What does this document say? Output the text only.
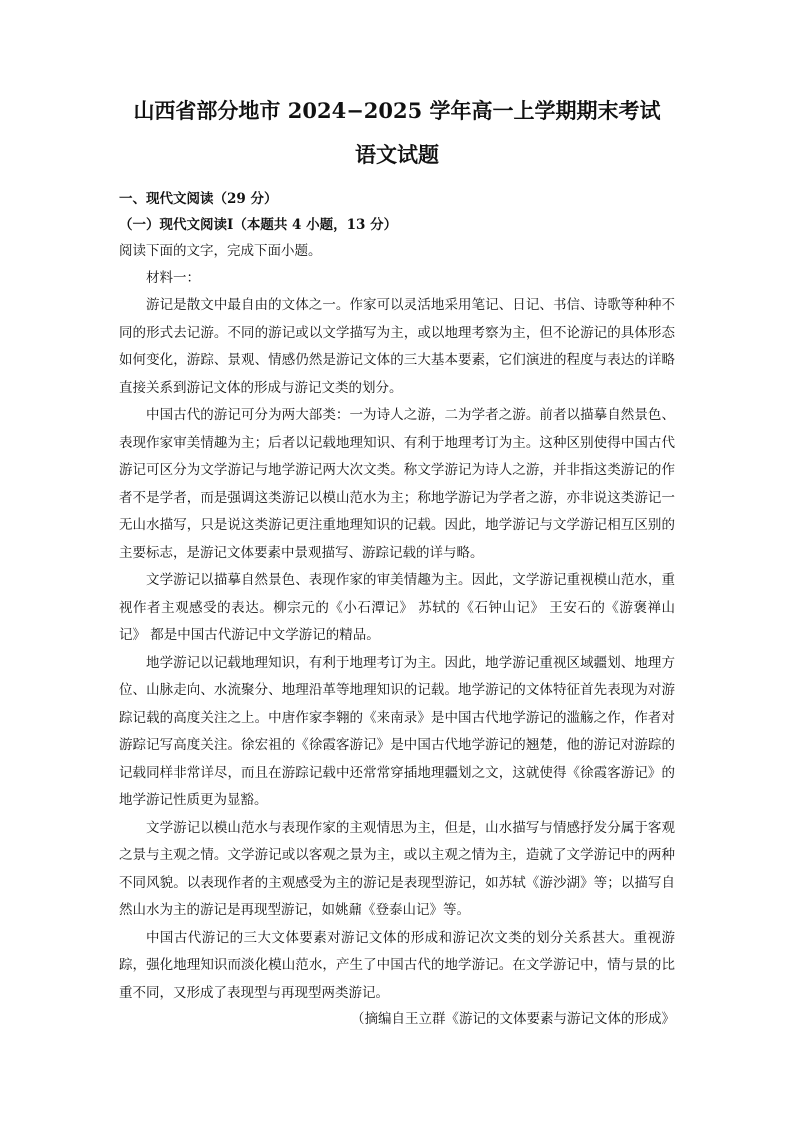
山西省部分地市 2024−2025 学年高一上学期期末考试
语文试题

一、现代文阅读（29 分）

（一）现代文阅读Ⅰ（本题共 4 小题，13 分）

阅读下面的文字，完成下面小题。

材料一：

游记是散文中最自由的文体之一。作家可以灵活地采用笔记、日记、书信、诗歌等种种不同的形式去记游。不同的游记或以文学描写为主，或以地理考察为主，但不论游记的具体形态如何变化，游踪、景观、情感仍然是游记文体的三大基本要素，它们演进的程度与表达的详略直接关系到游记文体的形成与游记文类的划分。

中国古代的游记可分为两大部类：一为诗人之游，二为学者之游。前者以描摹自然景色、表现作家审美情趣为主；后者以记载地理知识、有利于地理考订为主。这种区别使得中国古代游记可区分为文学游记与地学游记两大次文类。称文学游记为诗人之游，并非指这类游记的作者不是学者，而是强调这类游记以模山范水为主；称地学游记为学者之游，亦非说这类游记一无山水描写，只是说这类游记更注重地理知识的记载。因此，地学游记与文学游记相互区别的主要标志，是游记文体要素中景观描写、游踪记载的详与略。

文学游记以描摹自然景色、表现作家的审美情趣为主。因此，文学游记重视模山范水，重视作者主观感受的表达。柳宗元的《小石潭记》 苏轼的《石钟山记》 王安石的《游褒禅山记》 都是中国古代游记中文学游记的精品。

地学游记以记载地理知识，有利于地理考订为主。因此，地学游记重视区域疆划、地理方位、山脉走向、水流聚分、地理沿革等地理知识的记载。地学游记的文体特征首先表现为对游踪记载的高度关注之上。中唐作家李翱的《来南录》是中国古代地学游记的滥觞之作，作者对游踪记写高度关注。徐宏祖的《徐霞客游记》是中国古代地学游记的翘楚，他的游记对游踪的记载同样非常详尽，而且在游踪记载中还常常穿插地理疆划之文，这就使得《徐霞客游记》的地学游记性质更为显豁。

文学游记以模山范水与表现作家的主观情思为主，但是，山水描写与情感抒发分属于客观之景与主观之情。文学游记或以客观之景为主，或以主观之情为主，造就了文学游记中的两种不同风貌。以表现作者的主观感受为主的游记是表现型游记，如苏轼《游沙湖》等；以描写自然山水为主的游记是再现型游记，如姚鼐《登泰山记》等。

中国古代游记的三大文体要素对游记文体的形成和游记次文类的划分关系甚大。重视游踪，强化地理知识而淡化模山范水，产生了中国古代的地学游记。在文学游记中，情与景的比重不同，又形成了表现型与再现型两类游记。

（摘编自王立群《游记的文体要素与游记文体的形成》
